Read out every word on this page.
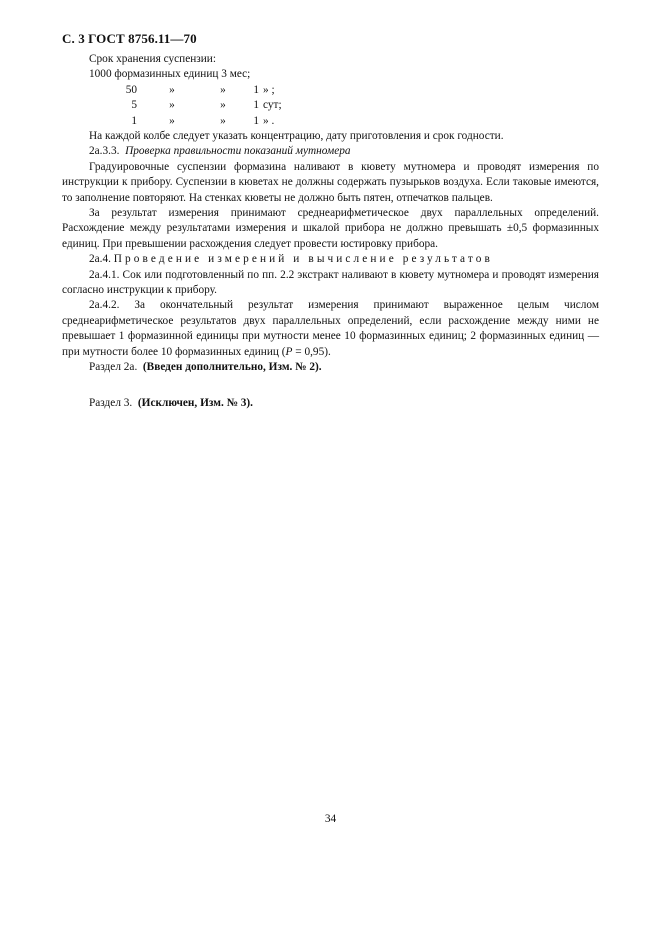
С. 3 ГОСТ 8756.11—70

Срок хранения суспензии:

1000
формазинных единиц
3 мес;
50	»	»	1 » ;
5	»	»	1 сут;
1	»	»	1 » .

На каждой колбе следует указать концентрацию, дату приготовления и срок годности.

2а.3.3. Проверка правильности показаний мутномера

Градуировочные суспензии формазина наливают в кювету мутномера и проводят измерения по инструкции к прибору. Суспензии в кюветах не должны содержать пузырьков воздуха. Если таковые имеются, то заполнение повторяют. На стенках кюветы не должно быть пятен, отпечатков пальцев.

За результат измерения принимают среднеарифметическое двух параллельных определений. Расхождение между результатами измерения и шкалой прибора не должно превышать ±0,5 формазинных единиц. При превышении расхождения следует провести юстировку прибора.

2а.4. Проведение измерений и вычисление результатов

2а.4.1. Сок или подготовленный по пп. 2.2 экстракт наливают в кювету мутномера и проводят измерения согласно инструкции к прибору.

2а.4.2. За окончательный результат измерения принимают выраженное целым числом среднеарифметическое результатов двух параллельных определений, если расхождение между ними не превышает 1 формазинной единицы при мутности менее 10 формазинных единиц; 2 формазинных единиц — при мутности более 10 формазинных единиц (P = 0,95).

Раздел 2а. (Введен дополнительно, Изм. № 2).

Раздел 3. (Исключен, Изм. № 3).

34
